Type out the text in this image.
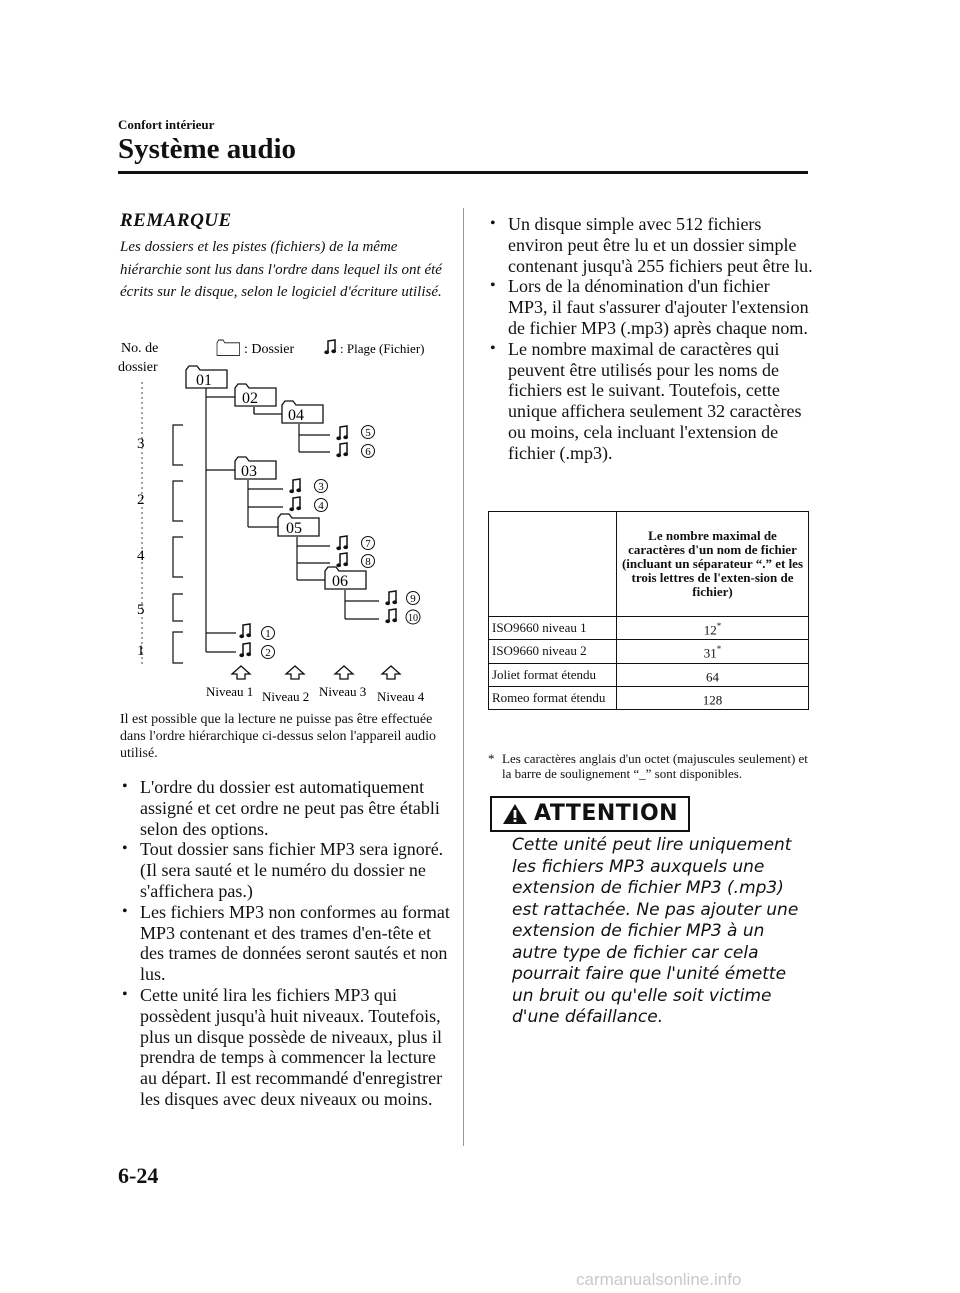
Confort intérieur
Système audio
REMARQUE
Les dossiers et les pistes (fichiers) de la même hiérarchie sont lus dans l'ordre dans lequel ils ont été écrits sur le disque, selon le logiciel d'écriture utilisé.
No. de
dossier
: Dossier	: Plage (Fichier)
3
2
4
5
1
01
02
04
03
05
06
5
6
3
4
7
8
9
10
1
2
Niveau 1 Niveau 2 Niveau 3 Niveau 4
Il est possible que la lecture ne puisse pas être effectuée dans l'ordre hiérarchique ci-dessus selon l'appareil audio utilisé.
• L'ordre du dossier est automatiquement assigné et cet ordre ne peut pas être établi selon des options.
• Tout dossier sans fichier MP3 sera ignoré. (Il sera sauté et le numéro du dossier ne s'affichera pas.)
• Les fichiers MP3 non conformes au format MP3 contenant et des trames d'en-tête et des trames de données seront sautés et non lus.
• Cette unité lira les fichiers MP3 qui possèdent jusqu'à huit niveaux. Toutefois, plus un disque possède de niveaux, plus il prendra de temps à commencer la lecture au départ. Il est recommandé d'enregistrer les disques avec deux niveaux ou moins.
• Un disque simple avec 512 fichiers environ peut être lu et un dossier simple contenant jusqu'à 255 fichiers peut être lu.
• Lors de la dénomination d'un fichier MP3, il faut s'assurer d'ajouter l'extension de fichier MP3 (.mp3) après chaque nom.
• Le nombre maximal de caractères qui peuvent être utilisés pour les noms de fichiers est le suivant. Toutefois, cette unique affichera seulement 32 caractères ou moins, cela incluant l'extension de fichier (.mp3).
	Le nombre maximal de caractères d'un nom de fichier (incluant un séparateur “.” et les trois lettres de l'exten-sion de fichier)
ISO9660 niveau 1	12*
ISO9660 niveau 2	31*
Joliet format étendu	64
Romeo format étendu	128
* Les caractères anglais d'un octet (majuscules seulement) et la barre de soulignement “_” sont disponibles.
ATTENTION
Cette unité peut lire uniquement les fichiers MP3 auxquels une extension de fichier MP3 (.mp3) est rattachée. Ne pas ajouter une extension de fichier MP3 à un autre type de fichier car cela pourrait faire que l'unité émette un bruit ou qu'elle soit victime d'une défaillance.
6-24
carmanualsonline.info
